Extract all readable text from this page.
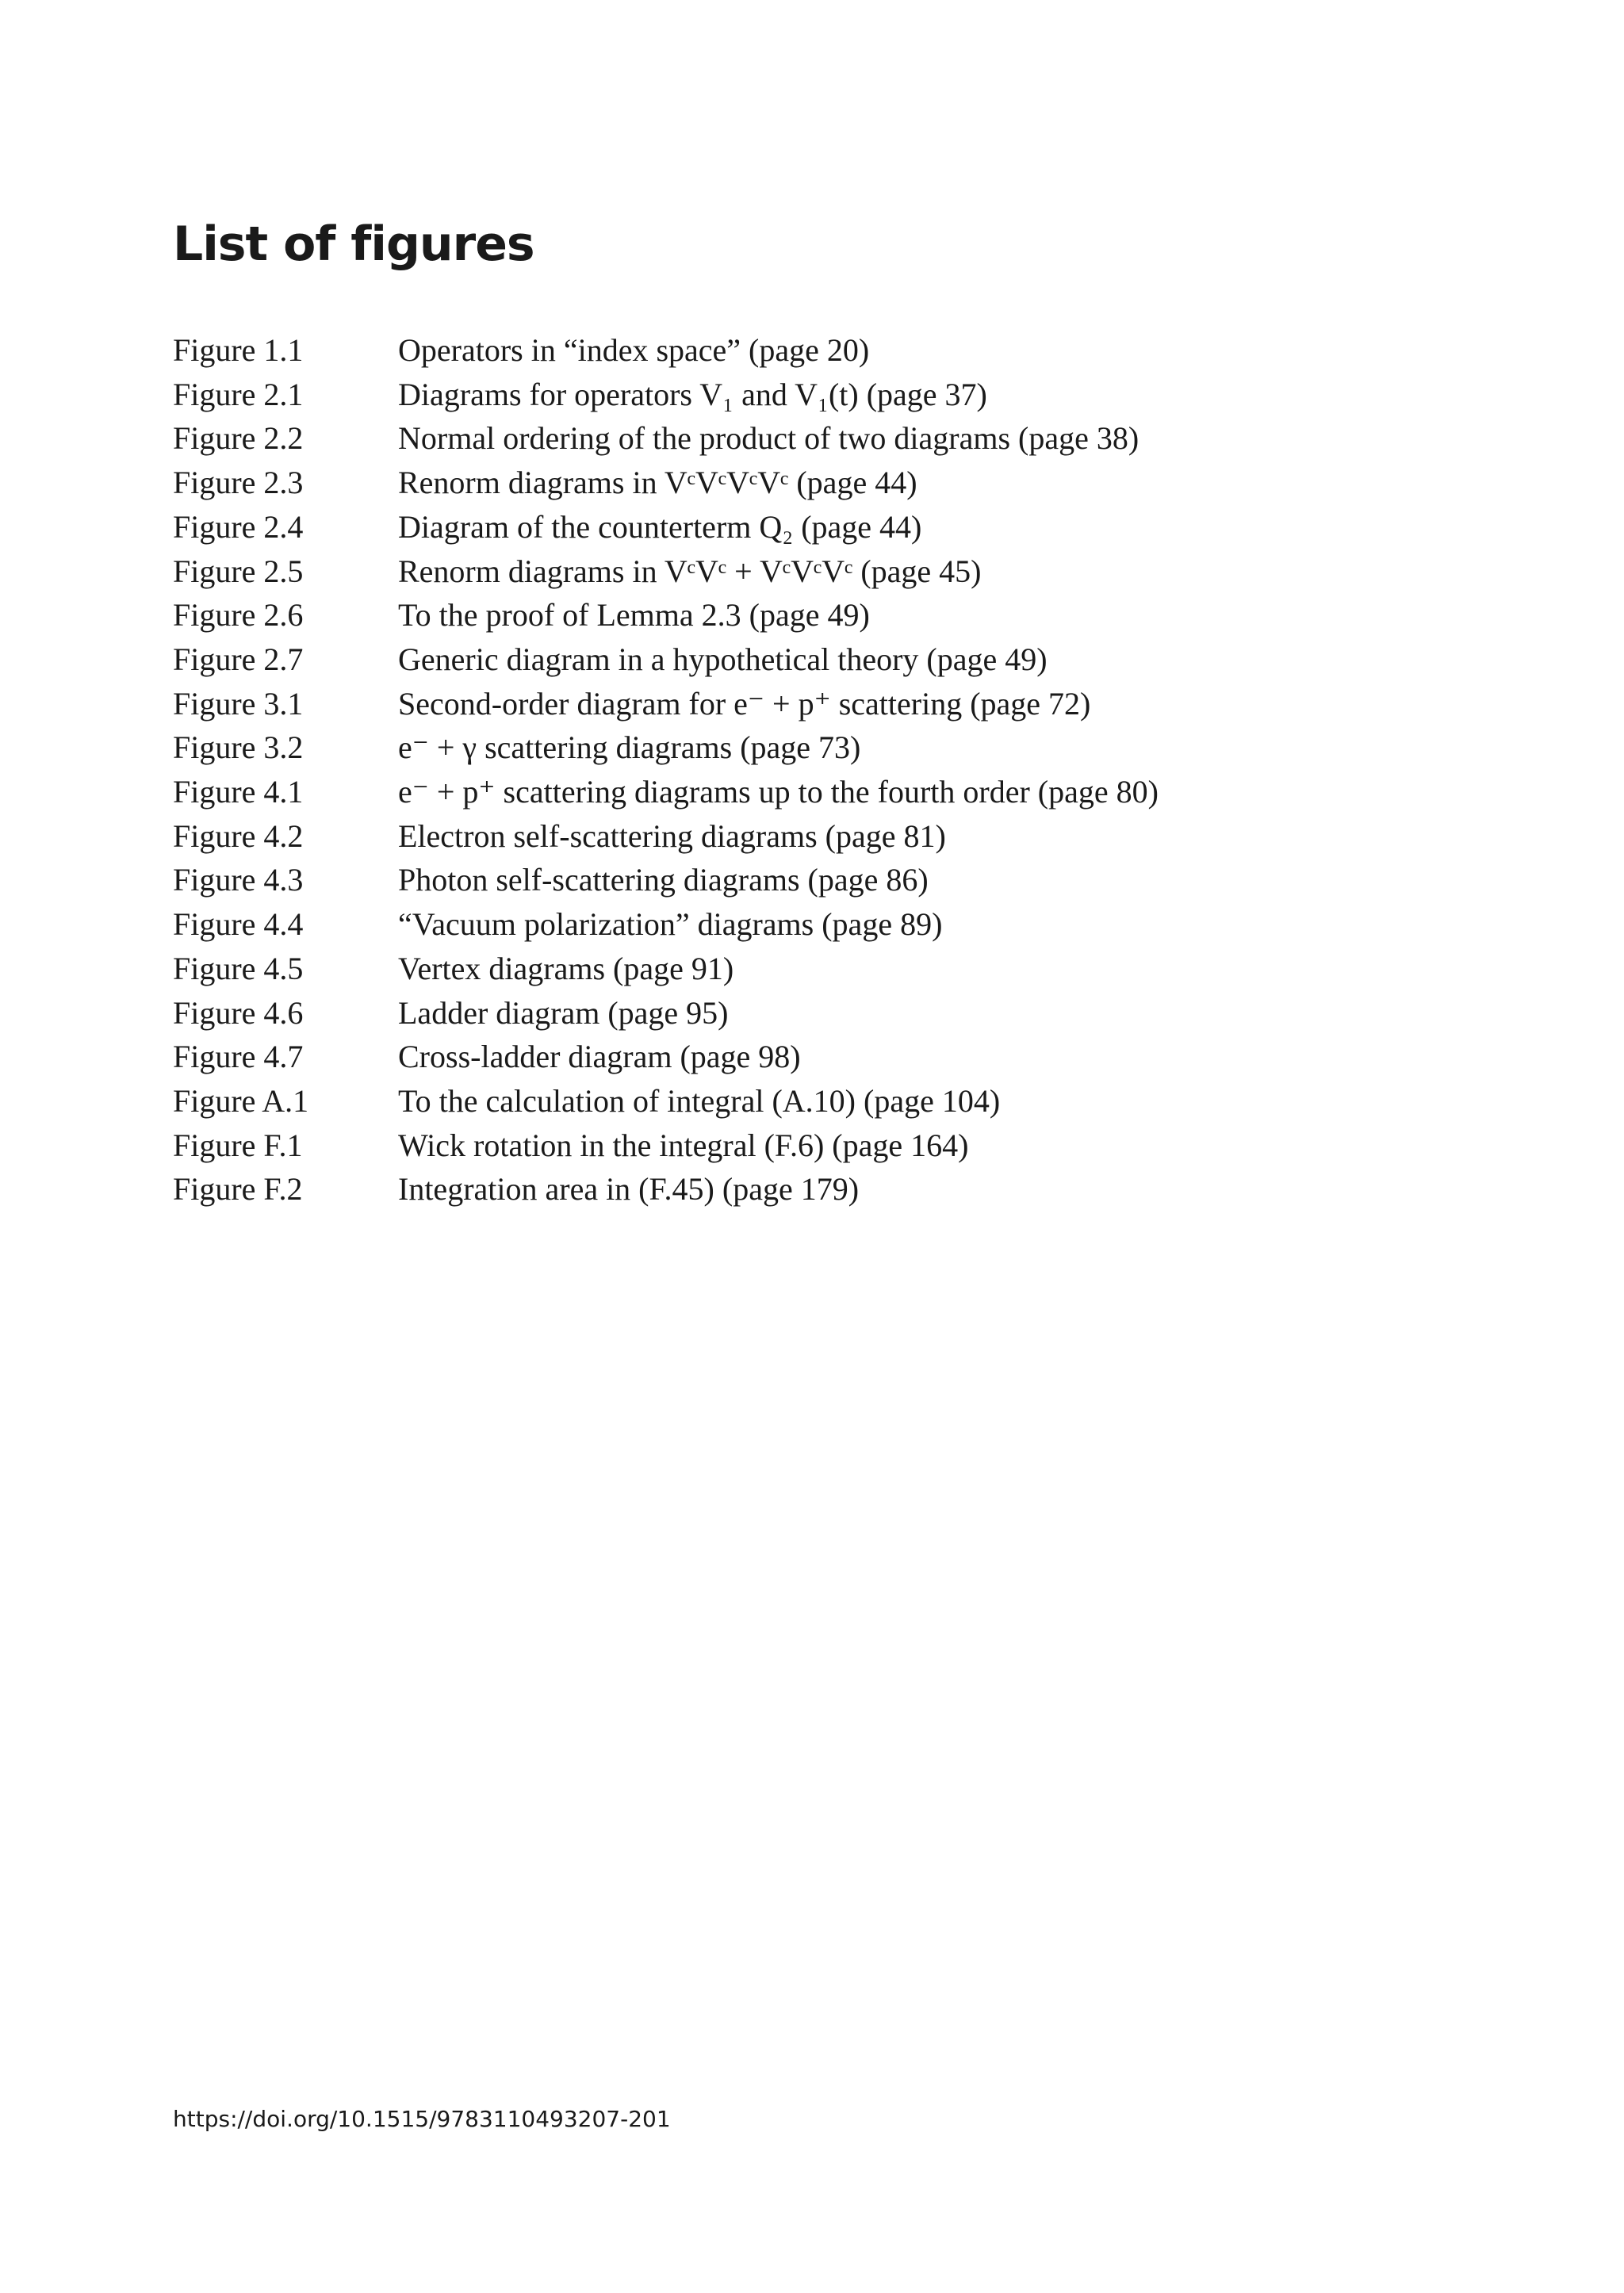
List of figures
Figure 1.1	Operators in “index space” (page 20)
Figure 2.1	Diagrams for operators V₁ and V₁(t) (page 37)
Figure 2.2	Normal ordering of the product of two diagrams (page 38)
Figure 2.3	Renorm diagrams in VᶜVᶜVᶜVᶜ (page 44)
Figure 2.4	Diagram of the counterterm Q₂ (page 44)
Figure 2.5	Renorm diagrams in VᶜVᶜ + VᶜVᶜVᶜ (page 45)
Figure 2.6	To the proof of Lemma 2.3 (page 49)
Figure 2.7	Generic diagram in a hypothetical theory (page 49)
Figure 3.1	Second-order diagram for e⁻ + p⁺ scattering (page 72)
Figure 3.2	e⁻ + γ scattering diagrams (page 73)
Figure 4.1	e⁻ + p⁺ scattering diagrams up to the fourth order (page 80)
Figure 4.2	Electron self-scattering diagrams (page 81)
Figure 4.3	Photon self-scattering diagrams (page 86)
Figure 4.4	“Vacuum polarization” diagrams (page 89)
Figure 4.5	Vertex diagrams (page 91)
Figure 4.6	Ladder diagram (page 95)
Figure 4.7	Cross-ladder diagram (page 98)
Figure A.1	To the calculation of integral (A.10) (page 104)
Figure F.1	Wick rotation in the integral (F.6) (page 164)
Figure F.2	Integration area in (F.45) (page 179)
https://doi.org/10.1515/9783110493207-201
